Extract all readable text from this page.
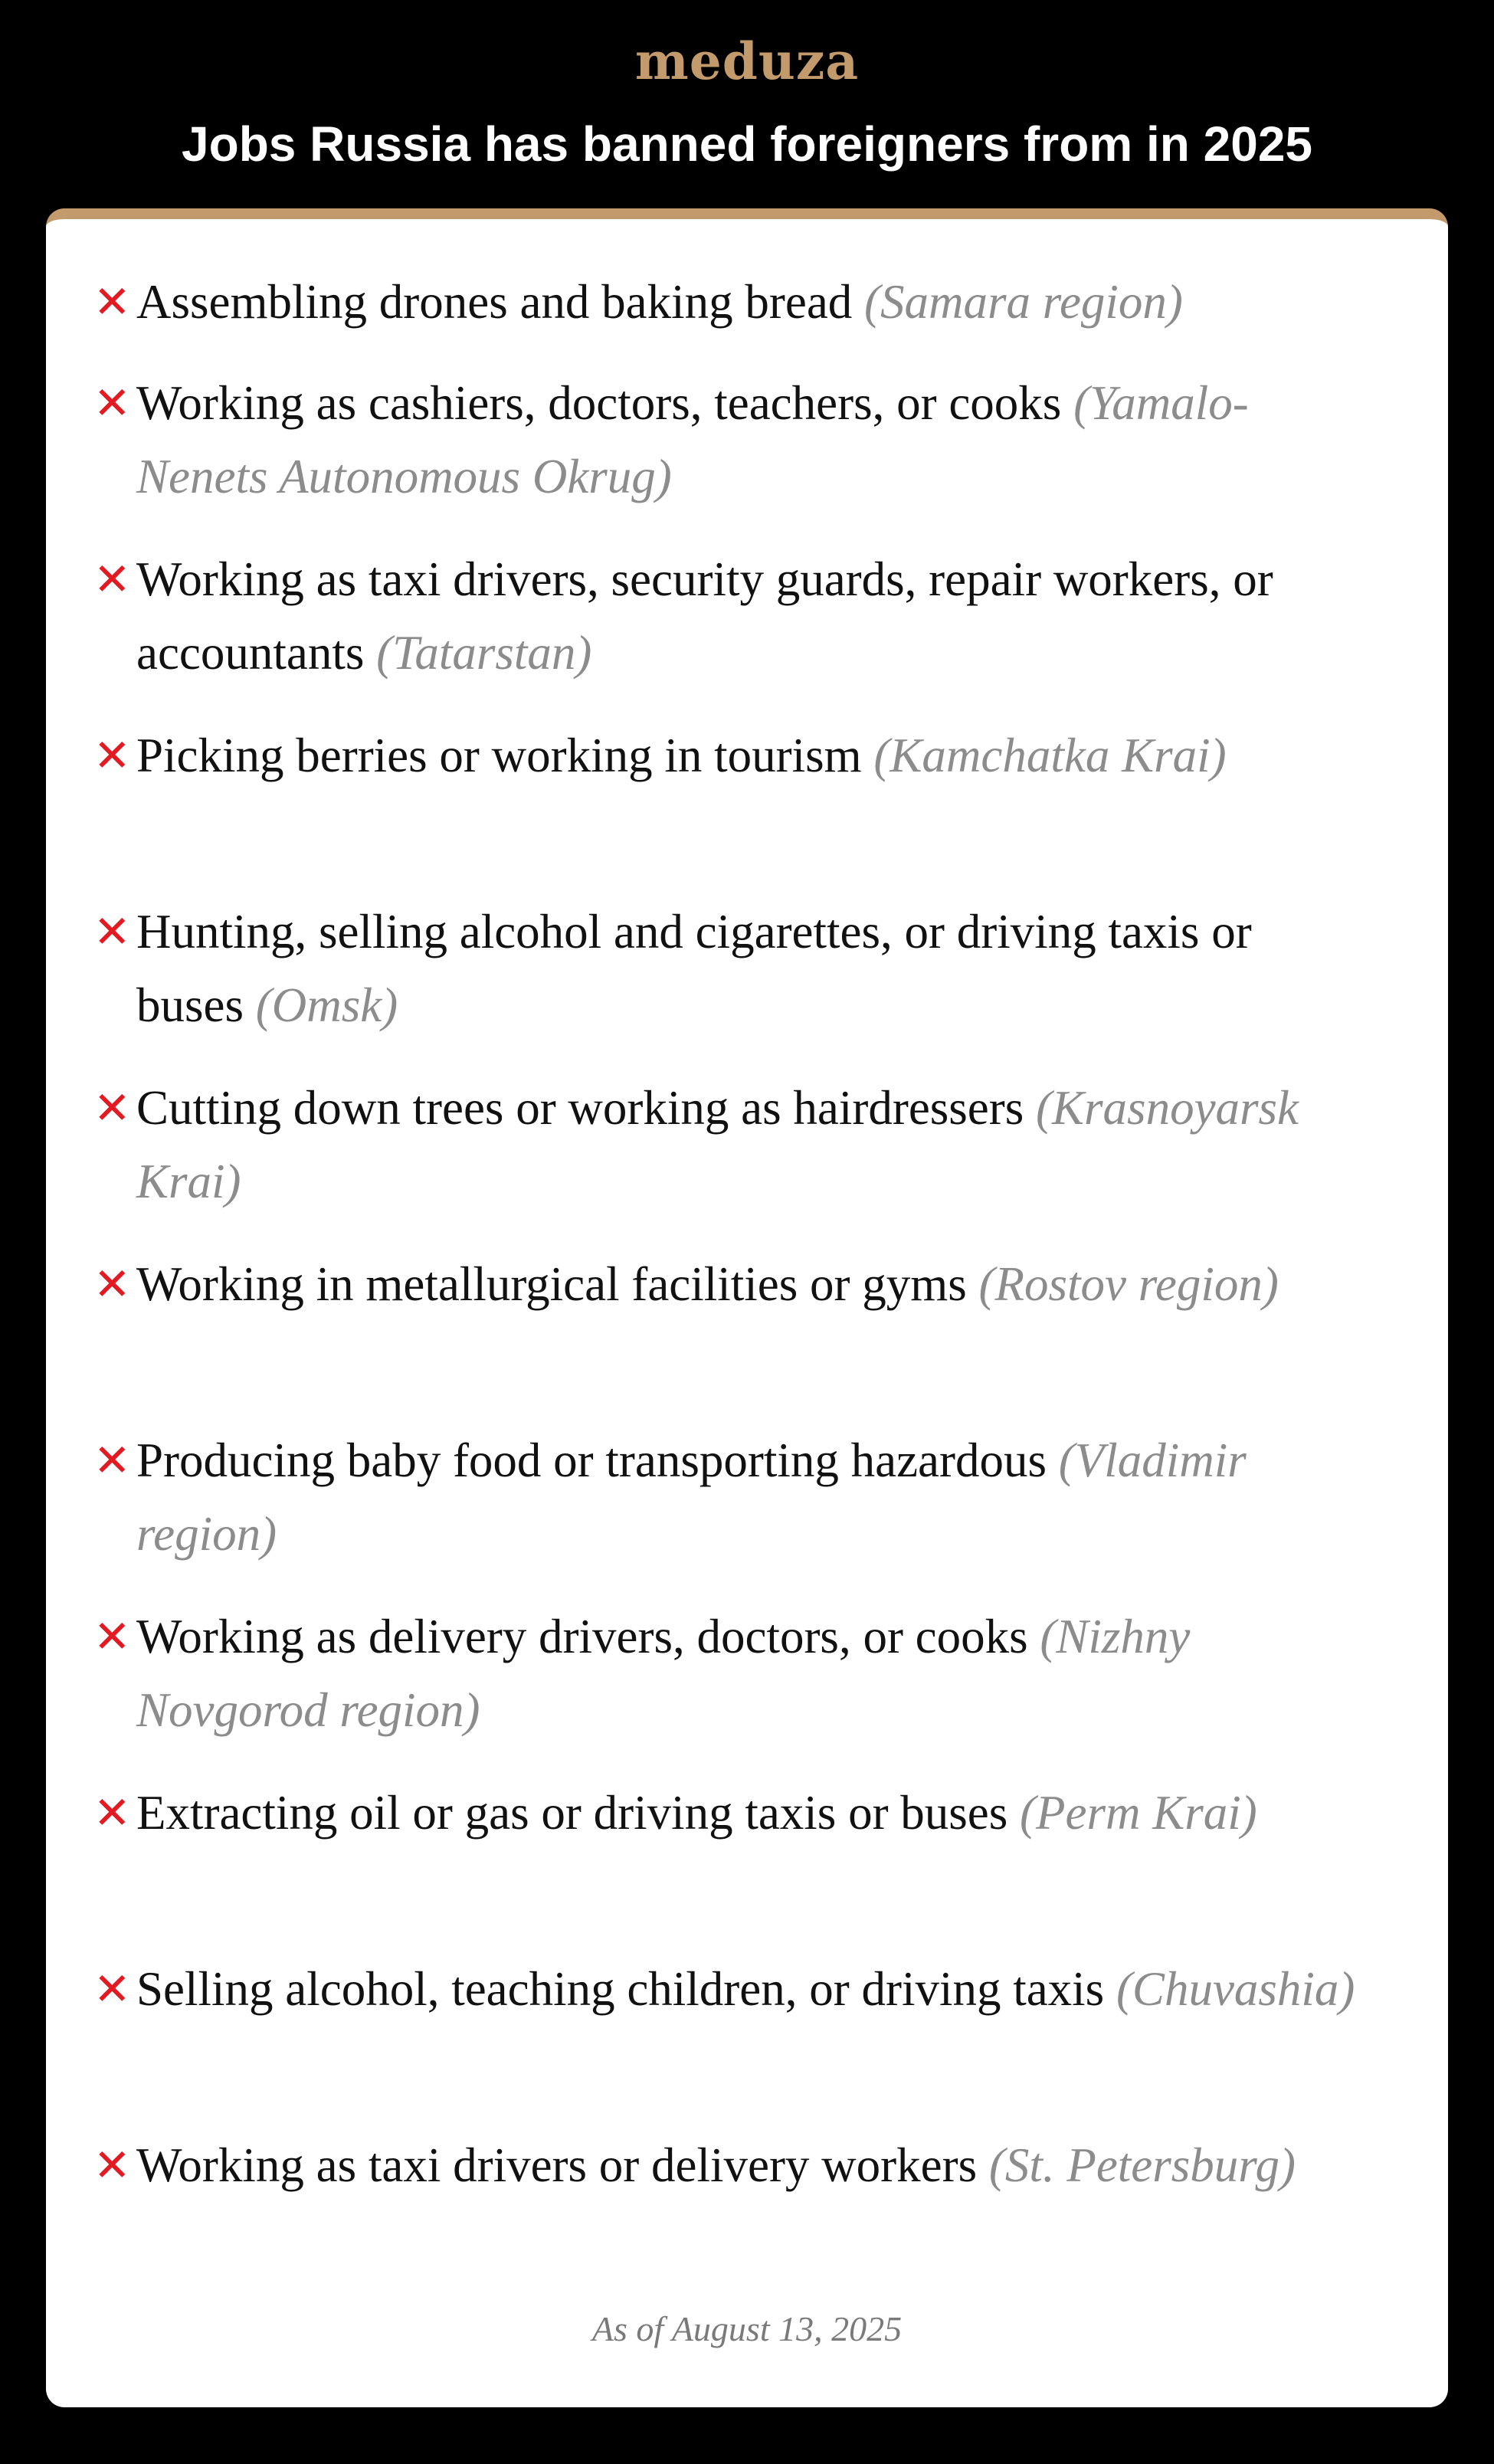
meduza
Jobs Russia has banned foreigners from in 2025
✕ Assembling drones and baking bread (Samara region)
✕ Working as cashiers, doctors, teachers, or cooks (Yamalo-Nenets Autonomous Okrug)
✕ Working as taxi drivers, security guards, repair workers, or accountants (Tatarstan)
✕ Picking berries or working in tourism (Kamchatka Krai)
✕ Hunting, selling alcohol and cigarettes, or driving taxis or buses (Omsk)
✕ Cutting down trees or working as hairdressers (Krasnoyarsk Krai)
✕ Working in metallurgical facilities or gyms (Rostov region)
✕ Producing baby food or transporting hazardous (Vladimir region)
✕ Working as delivery drivers, doctors, or cooks (Nizhny Novgorod region)
✕ Extracting oil or gas or driving taxis or buses (Perm Krai)
✕ Selling alcohol, teaching children, or driving taxis (Chuvashia)
✕ Working as taxi drivers or delivery workers (St. Petersburg)
As of August 13, 2025
